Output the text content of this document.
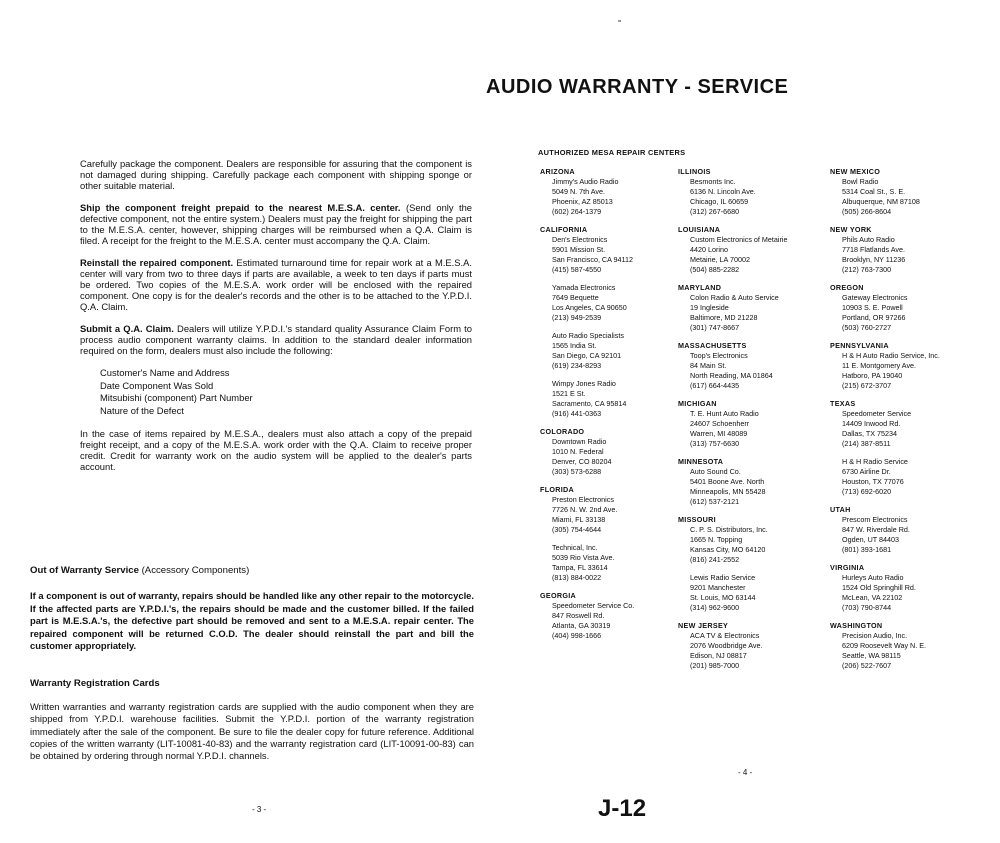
AUDIO WARRANTY - SERVICE

Carefully package the component. Dealers are responsible for assuring that the component is not damaged during shipping. Carefully package each component with shipping sponge or other suitable material.

Ship the component freight prepaid to the nearest M.E.S.A. center. (Send only the defective component, not the entire system.) Dealers must pay the freight for shipping the part to the M.E.S.A. center, however, shipping charges will be reimbursed when a Q.A. Claim is filed. A receipt for the freight to the M.E.S.A. center must accompany the Q.A. Claim.

Reinstall the repaired component. Estimated turnaround time for repair work at a M.E.S.A. center will vary from two to three days if parts are available, a week to ten days if parts must be ordered. Two copies of the M.E.S.A. work order will be enclosed with the repaired component. One copy is for the dealer's records and the other is to be attached to the Y.P.D.I. Q.A. Claim.

Submit a Q.A. Claim. Dealers will utilize Y.P.D.I.'s standard quality Assurance Claim Form to process audio component warranty claims. In addition to the standard dealer information required on the form, dealers must also include the following:

Customer's Name and Address
Date Component Was Sold
Mitsubishi (component) Part Number
Nature of the Defect

In the case of items repaired by M.E.S.A., dealers must also attach a copy of the prepaid freight receipt, and a copy of the M.E.S.A. work order with the Q.A. Claim to receive proper credit. Credit for warranty work on the audio system will be applied to the dealer's parts account.

Out of Warranty Service (Accessory Components)
If a component is out of warranty, repairs should be handled like any other repair to the motorcycle. If the affected parts are Y.P.D.I.'s, the repairs should be made and the customer billed. If the failed part is M.E.S.A.'s, the defective part should be removed and sent to a M.E.S.A. repair center. The repaired component will be returned C.O.D. The dealer should reinstall the part and bill the customer appropriately.
Warranty Registration Cards
Written warranties and warranty registration cards are supplied with the audio component when they are shipped from Y.P.D.I. warehouse facilities. Submit the Y.P.D.I. portion of the warranty registration immediately after the sale of the component. Be sure to file the dealer copy for future reference. Additional copies of the written warranty (LIT-10081-40-83) and the warranty registration card (LIT-10091-00-83) can be obtained by ordering through normal Y.P.D.I. channels.
- 3 -
- 4 -
J-12
AUTHORIZED MESA REPAIR CENTERS
ARIZONA
Jimmy's Audio Radio
5049 N. 7th Ave.
Phoenix, AZ 85013
(602) 264-1379
CALIFORNIA
Den's Electronics
5901 Mission St.
San Francisco, CA 94112
(415) 587-4550
Yamada Electronics
7649 Bequette
Los Angeles, CA 90650
(213) 949-2539
Auto Radio Specialists
1565 India St.
San Diego, CA 92101
(619) 234-8293
Wimpy Jones Radio
1521 E St.
Sacramento, CA 95814
(916) 441-0363
COLORADO
Downtown Radio
1010 N. Federal
Denver, CO 80204
(303) 573-6288
FLORIDA
Preston Electronics
7726 N. W. 2nd Ave.
Miami, FL 33138
(305) 754-4644
Technical, Inc.
5039 Rio Vista Ave.
Tampa, FL 33614
(813) 884-0022
GEORGIA
Speedometer Service Co.
847 Roswell Rd.
Atlanta, GA 30319
(404) 998-1666
ILLINOIS
Besmonts Inc.
6136 N. Lincoln Ave.
Chicago, IL 60659
(312) 267-6680
LOUISIANA
Custom Electronics of Metairie
4420 Lorino
Metairie, LA 70002
(504) 885-2282
MARYLAND
Colon Radio & Auto Service
19 Ingleside
Baltimore, MD 21228
(301) 747-8667
MASSACHUSETTS
Toop's Electronics
84 Main St.
North Reading, MA 01864
(617) 664-4435
MICHIGAN
T. E. Hunt Auto Radio
24607 Schoenherr
Warren, MI 48089
(313) 757-6630
MINNESOTA
Auto Sound Co.
5401 Boone Ave. North
Minneapolis, MN 55428
(612) 537-2121
MISSOURI
C. P. S. Distributors, Inc.
1665 N. Topping
Kansas City, MO 64120
(816) 241-2552
Lewis Radio Service
9201 Manchester
St. Louis, MO 63144
(314) 962-9600
NEW JERSEY
ACA TV & Electronics
2076 Woodbridge Ave.
Edison, NJ 08817
(201) 985-7000
NEW MEXICO
Bowl Radio
5314 Coal St., S. E.
Albuquerque, NM 87108
(505) 266-8604
NEW YORK
Phils Auto Radio
7718 Flatlands Ave.
Brooklyn, NY 11236
(212) 763-7300
OREGON
Gateway Electronics
10903 S. E. Powell
Portland, OR 97266
(503) 760-2727
PENNSYLVANIA
H & H Auto Radio Service, Inc.
11 E. Montgomery Ave.
Hatboro, PA 19040
(215) 672-3707
TEXAS
Speedometer Service
14409 Inwood Rd.
Dallas, TX 75234
(214) 387-8511
H & H Radio Service
6730 Airline Dr.
Houston, TX 77076
(713) 692-6020
UTAH
Prescom Electronics
847 W. Riverdale Rd.
Ogden, UT 84403
(801) 393-1681
VIRGINIA
Hurleys Auto Radio
1524 Old Springhill Rd.
McLean, VA 22102
(703) 790-8744
WASHINGTON
Precision Audio, Inc.
6209 Roosevelt Way N. E.
Seattle, WA 98115
(206) 522-7607
